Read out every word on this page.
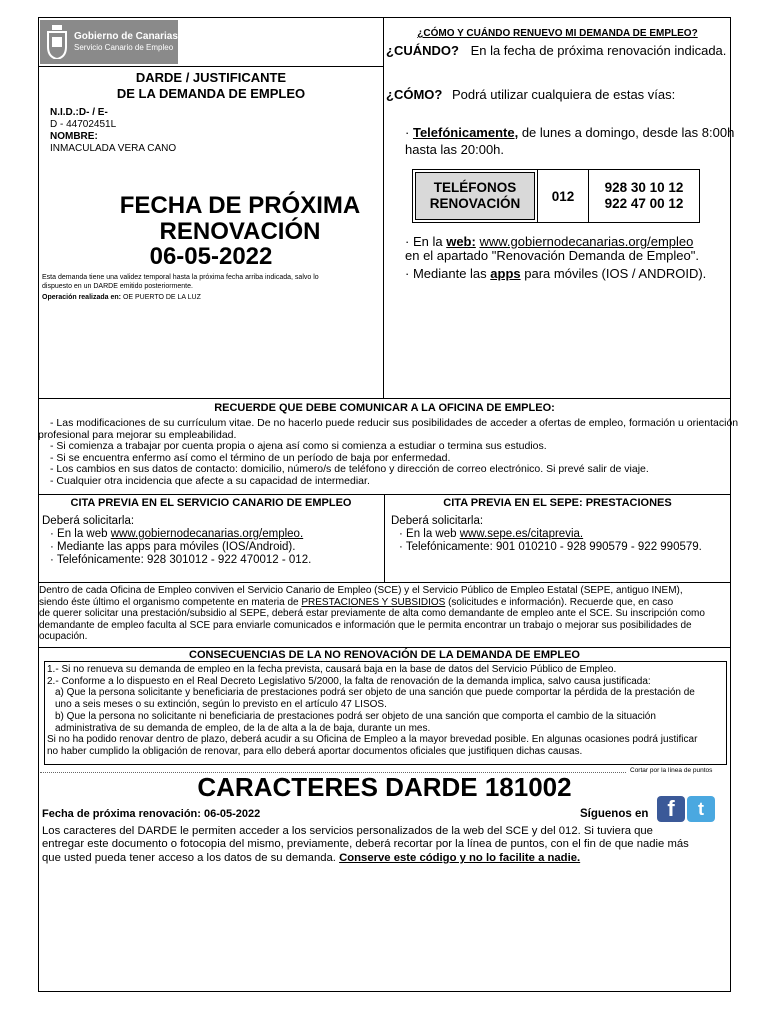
Gobierno de Canarias
Servicio Canario de Empleo
DARDE / JUSTIFICANTE
DE LA DEMANDA DE EMPLEO
N.I.D.:D- / E-
D - 44702451L
NOMBRE:
INMACULADA VERA CANO
FECHA DE PRÓXIMA
RENOVACIÓN
06-05-2022
Esta demanda tiene una validez temporal hasta la próxima fecha arriba indicada, salvo lo
dispuesto en un DARDE emitido posteriormente.
Operación realizada en: OE PUERTO DE LA LUZ
¿CÓMO Y CUÁNDO RENUEVO MI DEMANDA DE EMPLEO?
¿CUÁNDO? En la fecha de próxima renovación indicada.
¿CÓMO? Podrá utilizar cualquiera de estas vías:
· Telefónicamente, de lunes a domingo, desde las 8:00h
hasta las 20:00h.
TELÉFONOS
RENOVACIÓN	012
928 30 10 12
922 47 00 12
· En la web: www.gobiernodecanarias.org/empleo
en el apartado "Renovación Demanda de Empleo".
· Mediante las apps para móviles (IOS / ANDROID).
RECUERDE QUE DEBE COMUNICAR A LA OFICINA DE EMPLEO:
- Las modificaciones de su currículum vitae. De no hacerlo puede reducir sus posibilidades de acceder a ofertas de empleo, formación u orientación
profesional para mejorar su empleabilidad.
- Si comienza a trabajar por cuenta propia o ajena así como si comienza a estudiar o termina sus estudios.
- Si se encuentra enfermo así como el término de un período de baja por enfermedad.
- Los cambios en sus datos de contacto: domicilio, número/s de teléfono y dirección de correo electrónico. Si prevé salir de viaje.
- Cualquier otra incidencia que afecte a su capacidad de intermediar.
CITA PREVIA EN EL SERVICIO CANARIO DE EMPLEO
Deberá solicitarla:
· En la web www.gobiernodecanarias.org/empleo.
· Mediante las apps para móviles (IOS/Android).
· Telefónicamente: 928 301012 - 922 470012 - 012.
CITA PREVIA EN EL SEPE: PRESTACIONES
Deberá solicitarla:
· En la web www.sepe.es/citaprevia.
· Telefónicamente: 901 010210 - 928 990579 - 922 990579.
Dentro de cada Oficina de Empleo conviven el Servicio Canario de Empleo (SCE) y el Servicio Público de Empleo Estatal (SEPE, antiguo INEM),
siendo éste último el organismo competente en materia de PRESTACIONES Y SUBSIDIOS (solicitudes e información). Recuerde que, en caso
de querer solicitar una prestación/subsidio al SEPE, deberá estar previamente de alta como demandante de empleo ante el SCE. Su inscripción como
demandante de empleo faculta al SCE para enviarle comunicados e información que le permita encontrar un trabajo o mejorar sus posibilidades de
ocupación.
CONSECUENCIAS DE LA NO RENOVACIÓN DE LA DEMANDA DE EMPLEO
1.- Si no renueva su demanda de empleo en la fecha prevista, causará baja en la base de datos del Servicio Público de Empleo.
2.- Conforme a lo dispuesto en el Real Decreto Legislativo 5/2000, la falta de renovación de la demanda implica, salvo causa justificada:
a) Que la persona solicitante y beneficiaria de prestaciones podrá ser objeto de una sanción que puede comportar la pérdida de la prestación de
uno a seis meses o su extinción, según lo previsto en el artículo 47 LISOS.
b) Que la persona no solicitante ni beneficiaria de prestaciones podrá ser objeto de una sanción que comporta el cambio de la situación
administrativa de su demanda de empleo, de la de alta a la de baja, durante un mes.
Si no ha podido renovar dentro de plazo, deberá acudir a su Oficina de Empleo a la mayor brevedad posible. En algunas ocasiones podrá justificar
no haber cumplido la obligación de renovar, para ello deberá aportar documentos oficiales que justifiquen dichas causas.
Cortar por la línea de puntos
CARACTERES DARDE 181002
Fecha de próxima renovación: 06-05-2022	Síguenos en f	t
Los caracteres del DARDE le permiten acceder a los servicios personalizados de la web del SCE y del 012. Si tuviera que
entregar este documento o fotocopia del mismo, previamente, deberá recortar por la línea de puntos, con el fin de que nadie más
que usted pueda tener acceso a los datos de su demanda. Conserve este código y no lo facilite a nadie.
